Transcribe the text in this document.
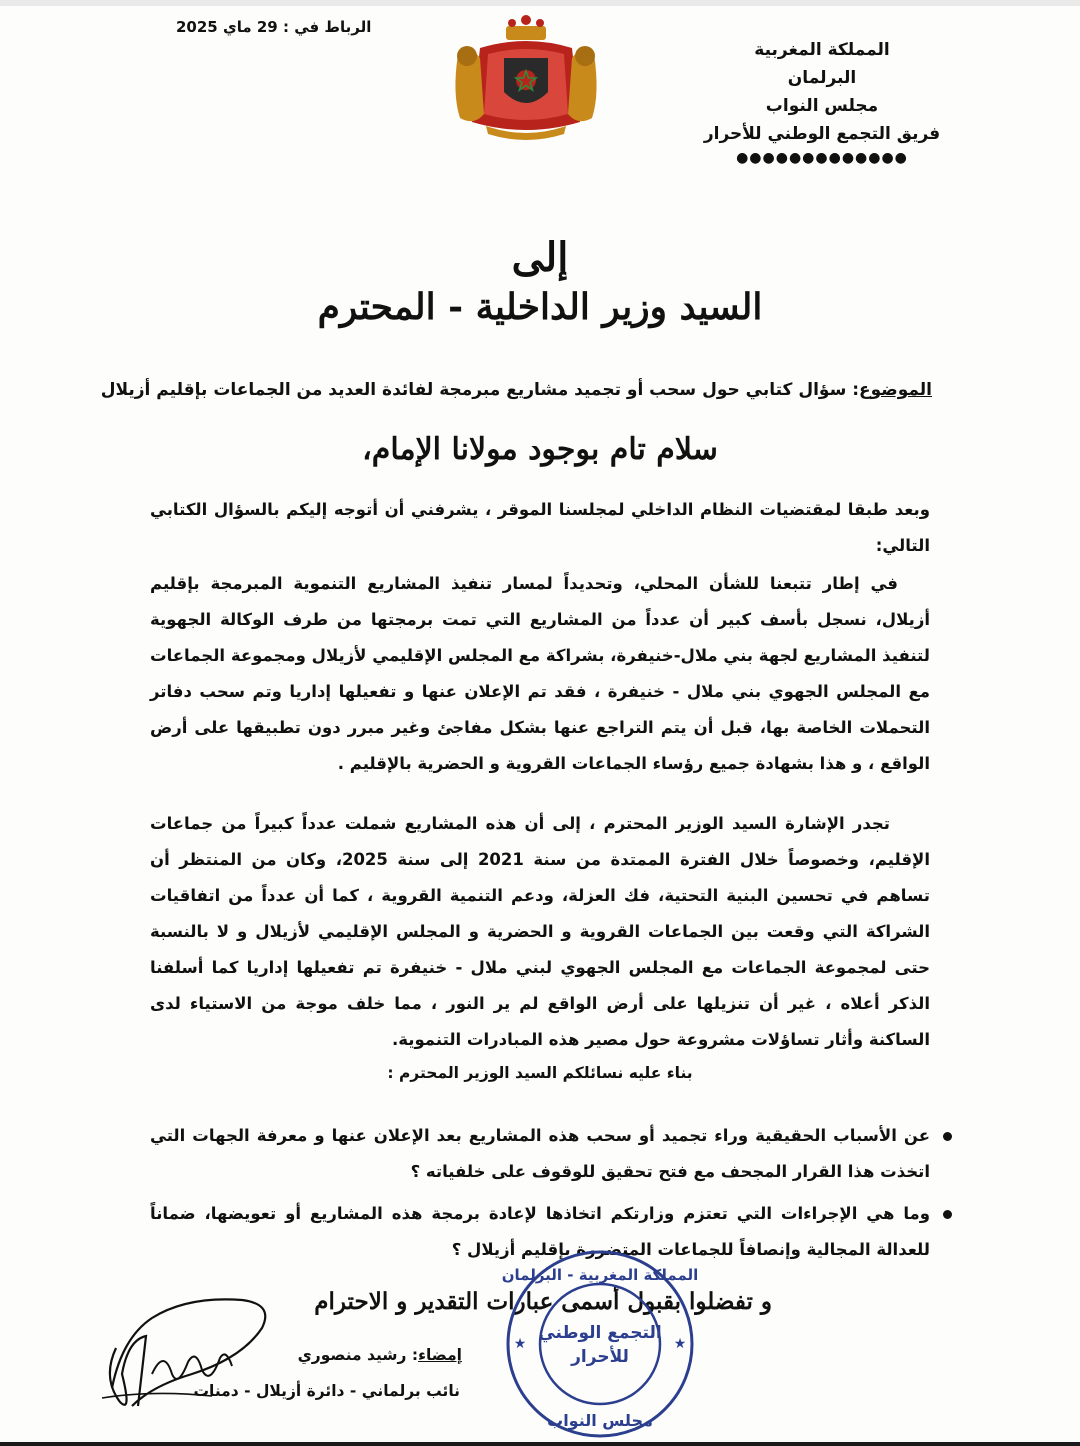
الرباط في : 29 ماي 2025
المملكة المغربية
البرلمان
مجلس النواب
فريق التجمع الوطني للأحرار
●●●●●●●●●●●●●
إلى
السيد وزير الداخلية - المحترم
الموضوع: سؤال كتابي حول سحب أو تجميد مشاريع مبرمجة لفائدة العديد من الجماعات بإقليم أزيلال
سلام تام بوجود مولانا الإمام،

وبعد طبقا لمقتضيات النظام الداخلي لمجلسنا الموقر ، يشرفني أن أتوجه إليكم بالسؤال الكتابي التالي:

في إطار تتبعنا للشأن المحلي، وتحديداً لمسار تنفيذ المشاريع التنموية المبرمجة بإقليم أزيلال، نسجل بأسف كبير أن عدداً من المشاريع التي تمت برمجتها من طرف الوكالة الجهوية لتنفيذ المشاريع لجهة بني ملال-خنيفرة، بشراكة مع المجلس الإقليمي لأزيلال ومجموعة الجماعات مع المجلس الجهوي بني ملال - خنيفرة ، فقد تم الإعلان عنها و تفعيلها إداريا وتم سحب دفاتر التحملات الخاصة بها، قبل أن يتم التراجع عنها بشكل مفاجئ وغير مبرر دون تطبيقها على أرض الواقع ، و هذا بشهادة جميع رؤساء الجماعات القروية و الحضرية بالإقليم .

تجدر الإشارة السيد الوزير المحترم ، إلى أن هذه المشاريع شملت عدداً كبيراً من جماعات الإقليم، وخصوصاً خلال الفترة الممتدة من سنة 2021 إلى سنة 2025، وكان من المنتظر أن تساهم في تحسين البنية التحتية، فك العزلة، ودعم التنمية القروية ، كما أن عدداً من اتفاقيات الشراكة التي وقعت بين الجماعات القروية و الحضرية و المجلس الإقليمي لأزيلال و لا بالنسبة حتى لمجموعة الجماعات مع المجلس الجهوي لبني ملال - خنيفرة تم تفعيلها إداريا كما أسلفنا الذكر أعلاه ، غير أن تنزيلها على أرض الواقع لم ير النور ، مما خلف موجة من الاستياء لدى الساكنة وأثار تساؤلات مشروعة حول مصير هذه المبادرات التنموية.

بناء عليه نسائلكم السيد الوزير المحترم :
عن الأسباب الحقيقية وراء تجميد أو سحب هذه المشاريع بعد الإعلان عنها و معرفة الجهات التي اتخذت هذا القرار المجحف مع فتح تحقيق للوقوف على خلفياته ؟
وما هي الإجراءات التي تعتزم وزارتكم اتخاذها لإعادة برمجة هذه المشاريع أو تعويضها، ضماناً للعدالة المجالية وإنصافاً للجماعات المتضررة بإقليم أزيلال ؟
و تفضلوا بقبول أسمى عبارات التقدير و الاحترام
إمضاء: رشيد منصوري
نائب برلماني - دائرة أزيلال - دمنات
المملكة المغربية - البرلمان
التجمع الوطني
للأحرار
مجلس النواب
★	★
